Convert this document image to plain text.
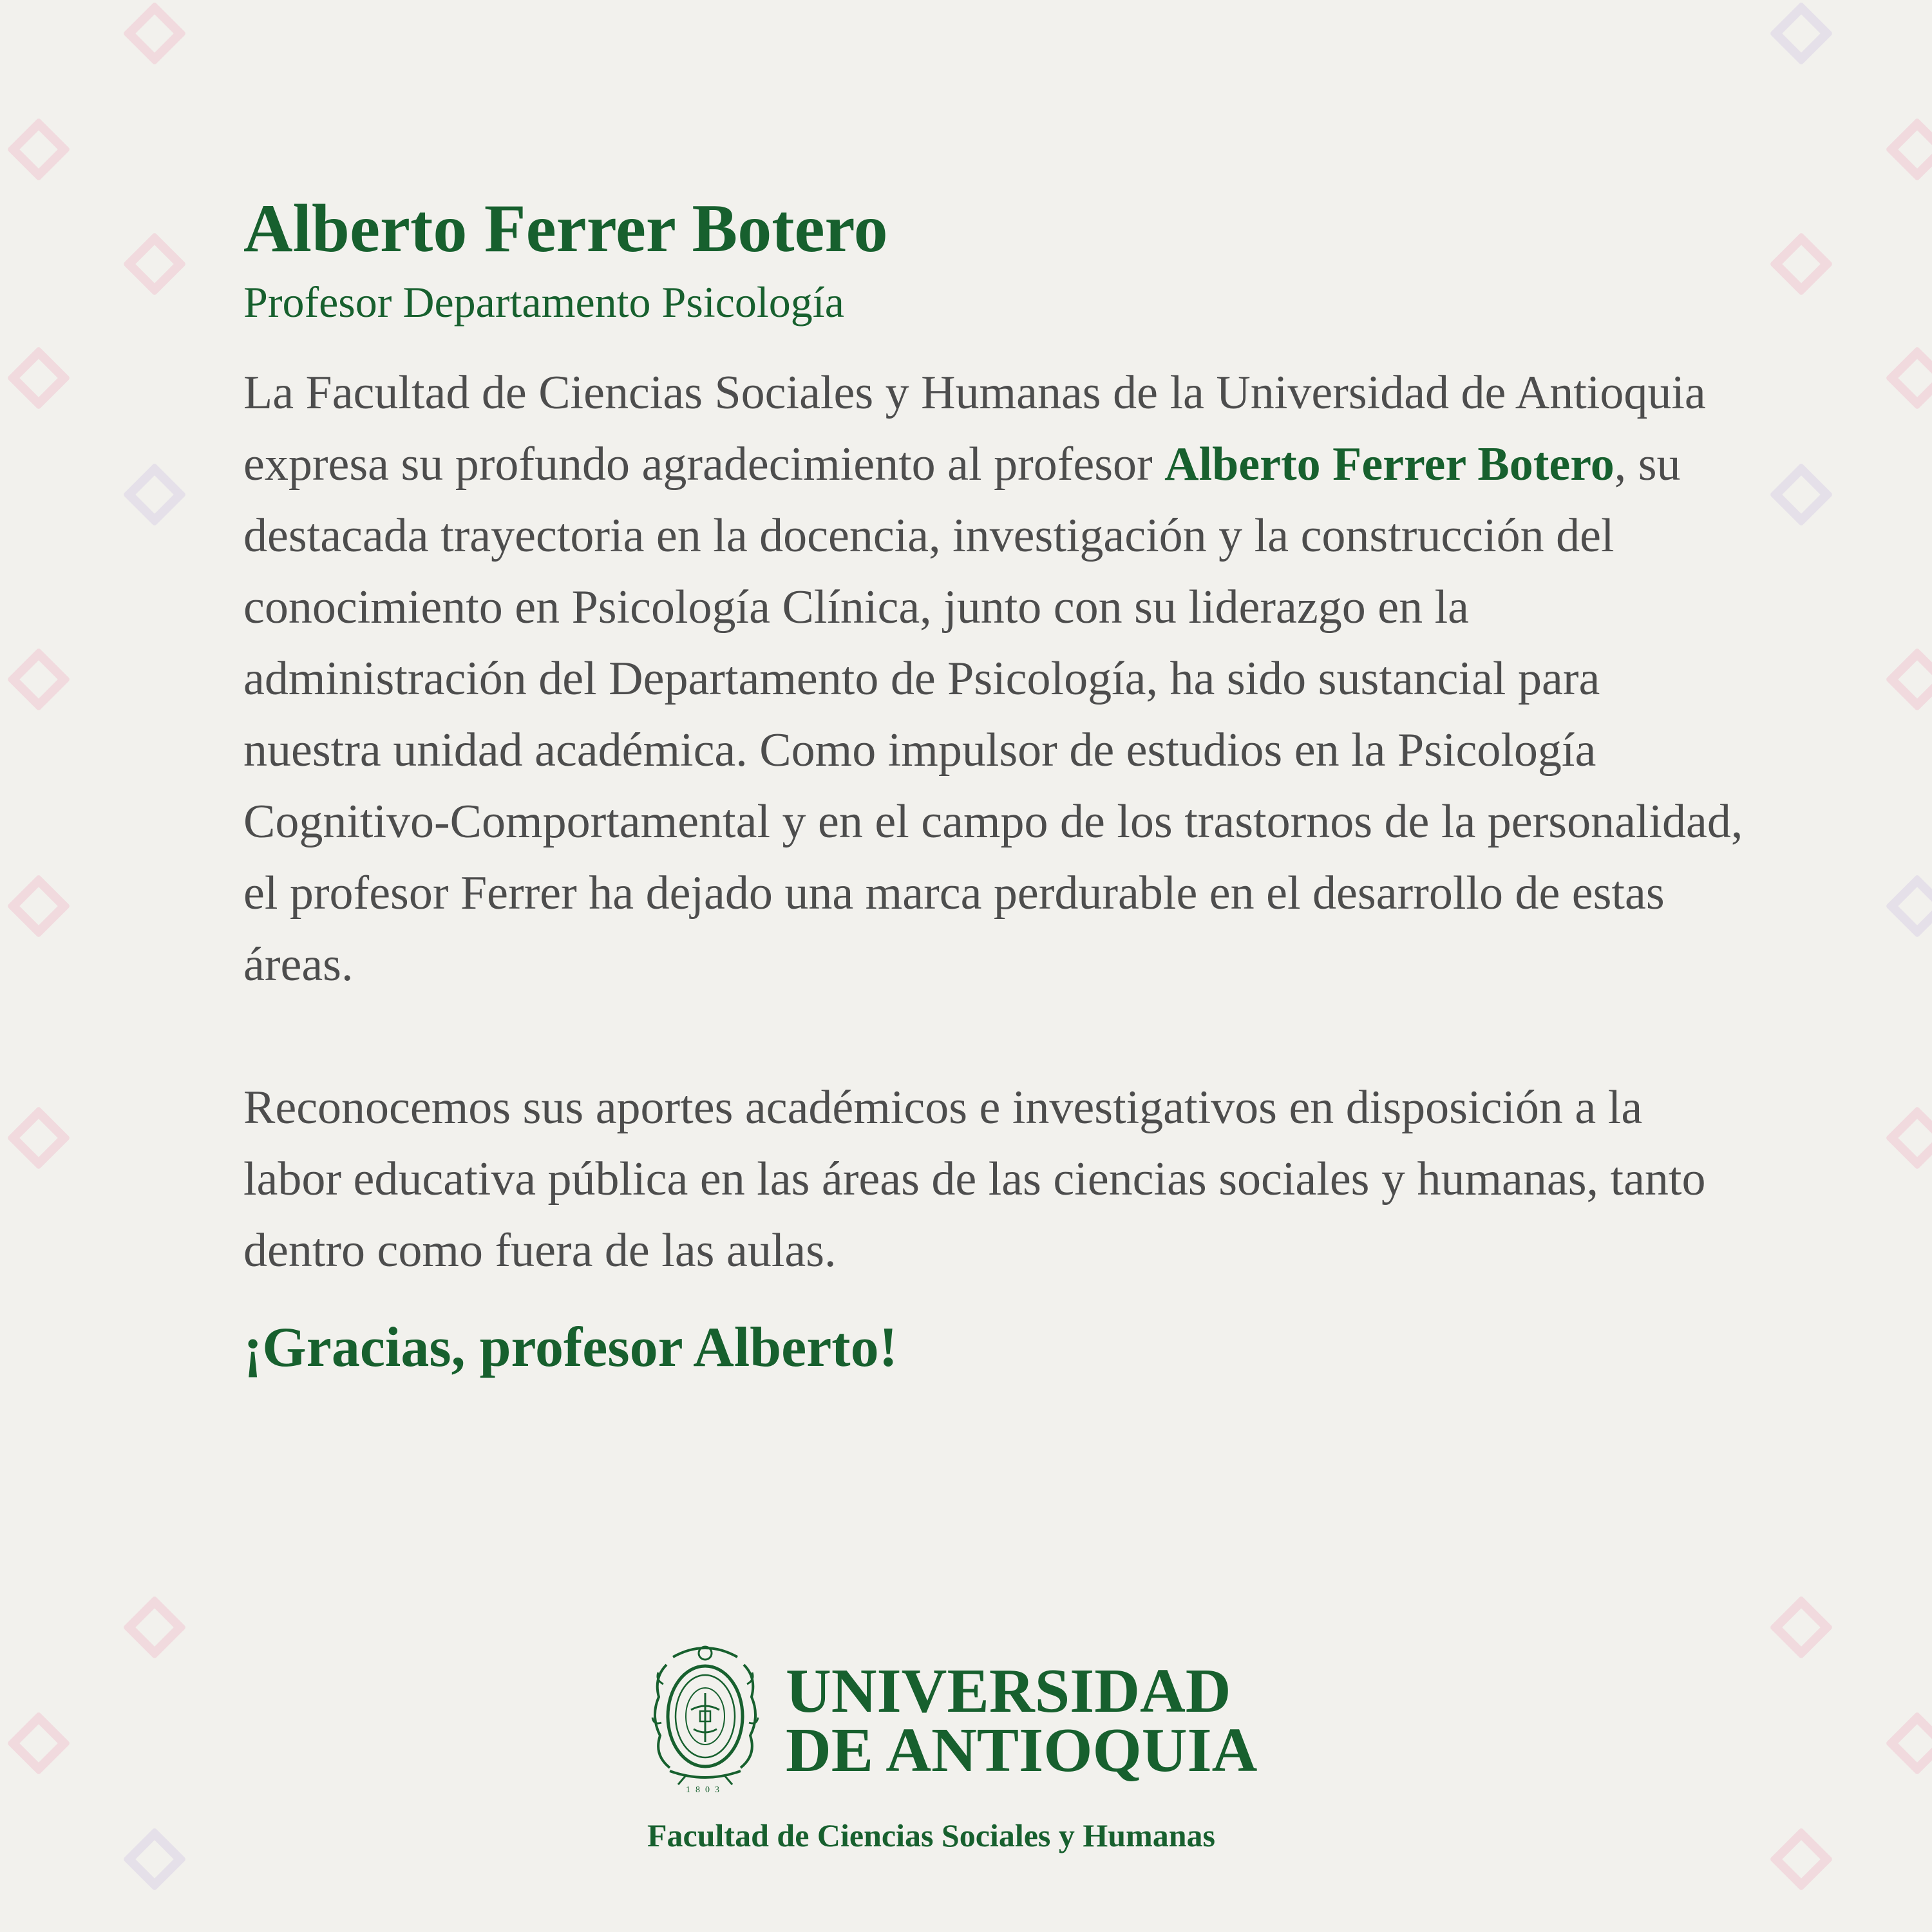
Alberto Ferrer Botero

Profesor Departamento Psicología

La Facultad de Ciencias Sociales y Humanas de la Universidad de Antioquia expresa su profundo agradecimiento al profesor Alberto Ferrer Botero, su destacada trayectoria en la docencia, investigación y la construcción del conocimiento en Psicología Clínica, junto con su liderazgo en la administración del Departamento de Psicología, ha sido sustancial para nuestra unidad académica. Como impulsor de estudios en la Psicología Cognitivo-Comportamental y en el campo de los trastornos de la personalidad, el profesor Ferrer ha dejado una marca perdurable en el desarrollo de estas áreas.

Reconocemos sus aportes académicos e investigativos en disposición a la labor educativa pública en las áreas de las ciencias sociales y humanas, tanto dentro como fuera de las aulas.

¡Gracias, profesor Alberto!

1803
UNIVERSIDAD
DE ANTIOQUIA
Facultad de Ciencias Sociales y Humanas
